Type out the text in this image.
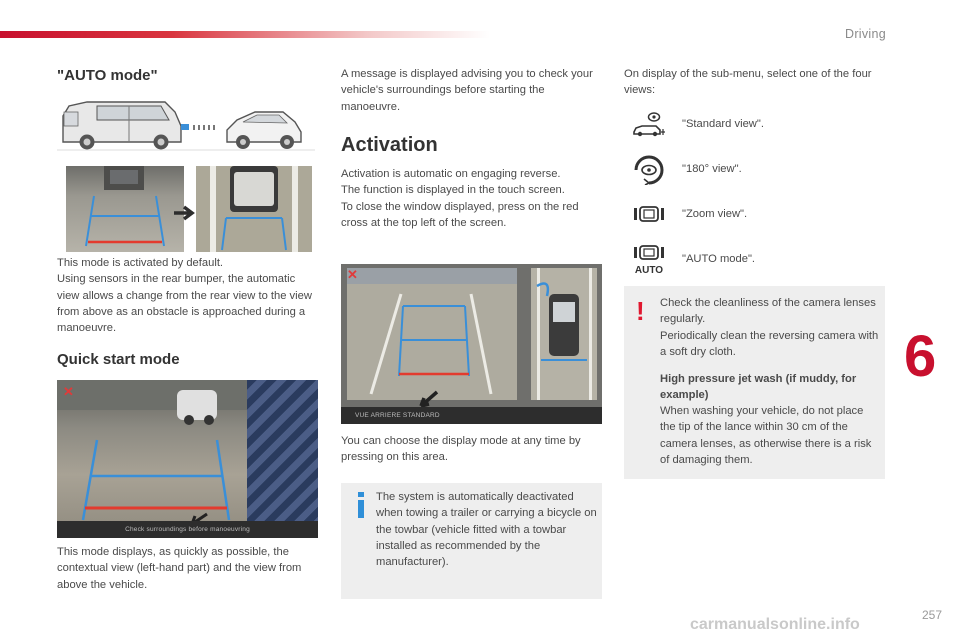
Driving
6
257
carmanualsonline.info
"AUTO mode"

This mode is activated by default.
Using sensors in the rear bumper, the automatic view allows a change from the rear view to the view from above as an obstacle is approached during a manoeuvre.

Quick start mode
✕
Check surroundings before manoeuvring

This mode displays, as quickly as possible, the contextual view (left-hand part) and the view from above the vehicle.

A message is displayed advising you to check your vehicle's surroundings before starting the manoeuvre.

Activation

Activation is automatic on engaging reverse.
The function is displayed in the touch screen.
To close the window displayed, press on the red cross at the top left of the screen.

✕
VUE ARRIERE STANDARD

You can choose the display mode at any time by pressing on this area.

The system is automatically deactivated when towing a trailer or carrying a bicycle on the towbar (vehicle fitted with a towbar installed as recommended by the manufacturer).

On display of the sub-menu, select one of the four views:

"Standard view".
"180° view".
"Zoom view".
AUTO
"AUTO mode".
! Check the cleanliness of the camera lenses regularly.
Periodically clean the reversing camera with a soft dry cloth.

High pressure jet wash (if muddy, for example)

When washing your vehicle, do not place the tip of the lance within 30 cm of the camera lenses, as otherwise there is a risk of damaging them.
